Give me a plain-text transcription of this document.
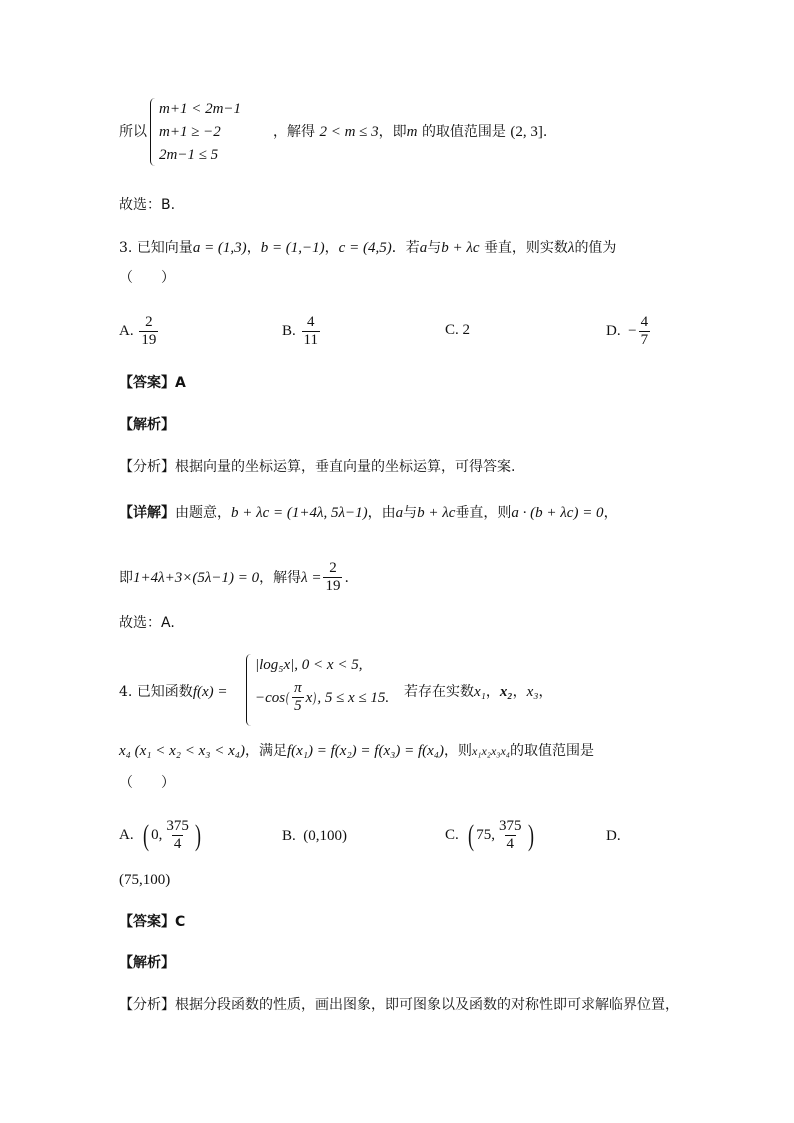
所以
m+1 < 2m−1
m+1 ≥ −2
2m−1 ≤ 5
，解得 2 < m ≤ 3，即m 的取值范围是 (2, 3].
故选：B.
3. 已知向量a = (1,3)，b = (1,−1)，c = (4,5)．若a与b + λc 垂直，则实数λ的值为
（　　）
A.
$\frac{2}{19}$	B.
$\frac{4}{11}$	C. 2	D.
− $\frac{4}{7}$
【答案】A
【解析】
【分析】根据向量的坐标运算，垂直向量的坐标运算，可得答案.
【详解】由题意，b + λc = (1+4λ, 5λ−1)，由a与b + λc垂直，则a · (b + λc) = 0，
即 1+4λ+3×(5λ−1) = 0 ，解得 $\lambda = \frac{2}{19}$ .
故选：A.
4. 已知函数f(x) =
|log₅x|, 0 < x < 5,
−cos ( $\frac{\pi}{5}$ x ) , 5 ≤ x ≤ 15. 若存在实数x₁，x₂，x₃，
x₄ (x₁ < x₂ < x₃ < x₄)，满足f(x₁) = f(x₂) = f(x₃) = f(x₄)，则x₁x₂x₃x₄的取值范围是
（　　）
A.
( 0, $\frac{375}{4}$ )	B.
(0,100)	C.
( 75, $\frac{375}{4}$ )	D.
(75,100)
【答案】C
【解析】
【分析】根据分段函数的性质，画出图象，即可图象以及函数的对称性即可求解临界位置，
